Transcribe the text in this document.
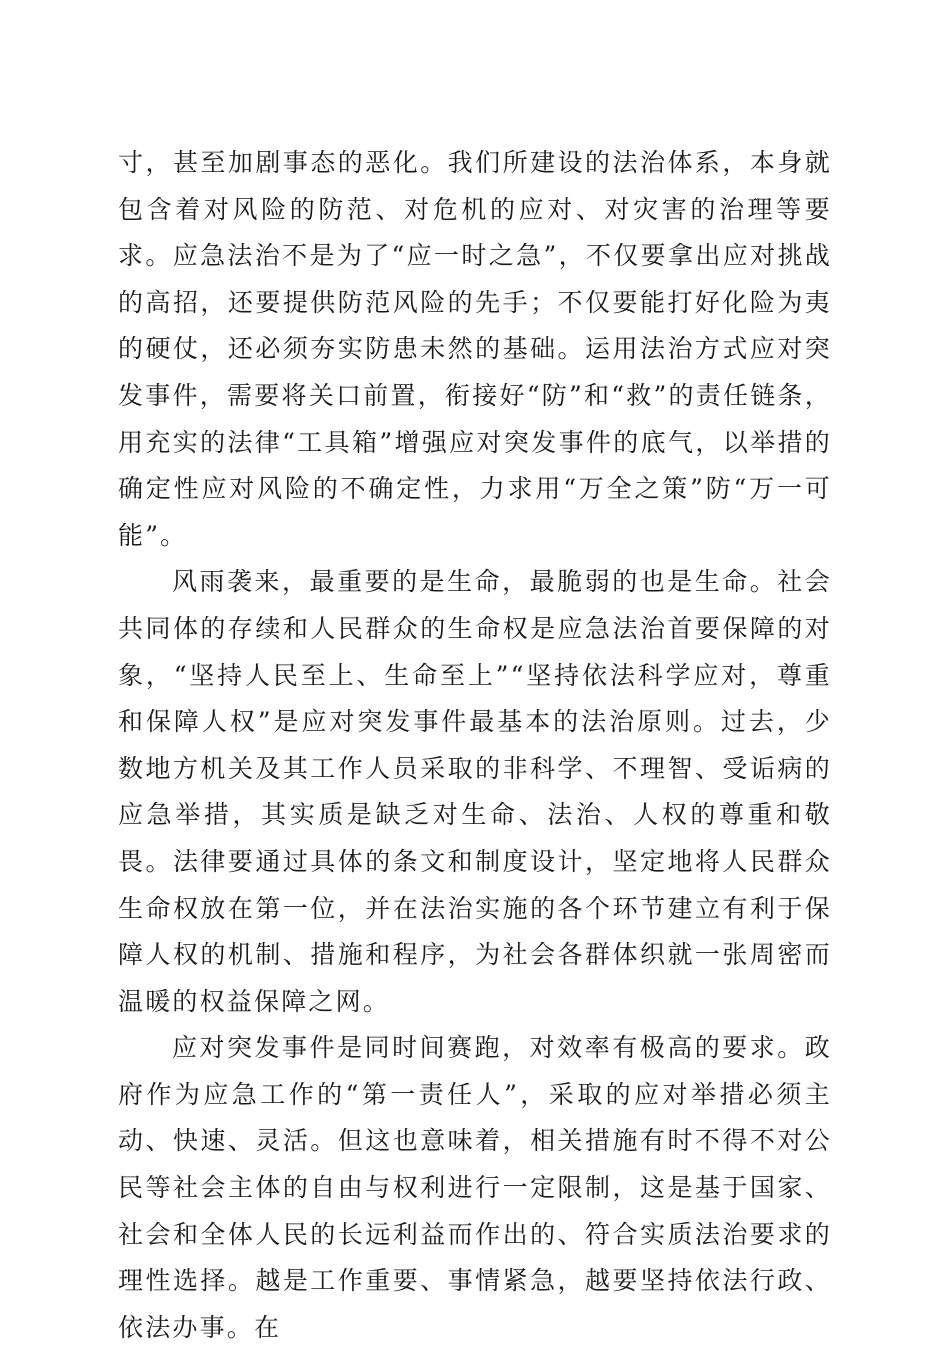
寸，甚至加剧事态的恶化。我们所建设的法治体系，本身就包含着对风险的防范、对危机的应对、对灾害的治理等要求。应急法治不是为了“应一时之急”，不仅要拿出应对挑战的高招，还要提供防范风险的先手；不仅要能打好化险为夷的硬仗，还必须夯实防患未然的基础。运用法治方式应对突发事件，需要将关口前置，衔接好“防”和“救”的责任链条，用充实的法律“工具箱”增强应对突发事件的底气，以举措的确定性应对风险的不确定性，力求用“万全之策”防“万一可能”。

风雨袭来，最重要的是生命，最脆弱的也是生命。社会共同体的存续和人民群众的生命权是应急法治首要保障的对象，“坚持人民至上、生命至上”“坚持依法科学应对，尊重和保障人权”是应对突发事件最基本的法治原则。过去，少数地方机关及其工作人员采取的非科学、不理智、受诟病的应急举措，其实质是缺乏对生命、法治、人权的尊重和敬畏。法律要通过具体的条文和制度设计，坚定地将人民群众生命权放在第一位，并在法治实施的各个环节建立有利于保障人权的机制、措施和程序，为社会各群体织就一张周密而温暖的权益保障之网。

应对突发事件是同时间赛跑，对效率有极高的要求。政府作为应急工作的“第一责任人”，采取的应对举措必须主动、快速、灵活。但这也意味着，相关措施有时不得不对公民等社会主体的自由与权利进行一定限制，这是基于国家、社会和全体人民的长远利益而作出的、符合实质法治要求的理性选择。越是工作重要、事情紧急，越要坚持依法行政、依法办事。在
